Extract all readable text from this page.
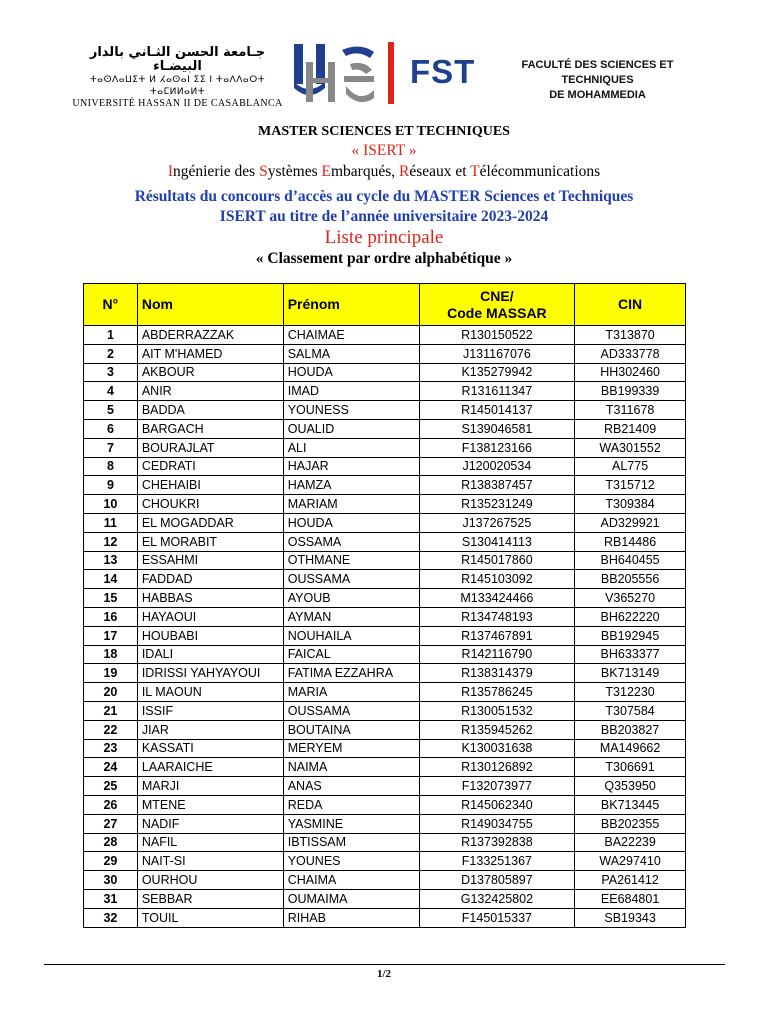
جـامعة الحسن الثـاني بالدار البيضـاء
ⵜⴰⵙⴷⴰⵡⵉⵜ ⵍ ⵃⴰⵙⴰⵏ ⵉⵉ ⵏ ⵜⴰⴷⴷⴰⵔⵜ ⵜⴰⵎⵍⵍⴰⵍⵜ
UNIVERSITÉ HASSAN II DE CASABLANCA
FST	FACULTÉ DES SCIENCES ET TECHNIQUES
DE MOHAMMEDIA
MASTER SCIENCES ET TECHNIQUES
« ISERT »
Ingénierie des Systèmes Embarqués, Réseaux et Télécommunications
Résultats du concours d’accès au cycle du MASTER Sciences et Techniques
ISERT au titre de l’année universitaire 2023-2024
Liste principale
« Classement par ordre alphabétique »
N°	Nom	Prénom	CNE/
Code MASSAR	CIN
1	ABDERRAZZAK	CHAIMAE	R130150522	T313870
2	AIT M'HAMED	SALMA	J131167076	AD333778
3	AKBOUR	HOUDA	K135279942	HH302460
4	ANIR	IMAD	R131611347	BB199339
5	BADDA	YOUNESS	R145014137	T311678
6	BARGACH	OUALID	S139046581	RB21409
7	BOURAJLAT	ALI	F138123166	WA301552
8	CEDRATI	HAJAR	J120020534	AL775
9	CHEHAIBI	HAMZA	R138387457	T315712
10	CHOUKRI	MARIAM	R135231249	T309384
11	EL MOGADDAR	HOUDA	J137267525	AD329921
12	EL MORABIT	OSSAMA	S130414113	RB14486
13	ESSAHMI	OTHMANE	R145017860	BH640455
14	FADDAD	OUSSAMA	R145103092	BB205556
15	HABBAS	AYOUB	M133424466	V365270
16	HAYAOUI	AYMAN	R134748193	BH622220
17	HOUBABI	NOUHAILA	R137467891	BB192945
18	IDALI	FAICAL	R142116790	BH633377
19	IDRISSI YAHYAYOUI	FATIMA EZZAHRA	R138314379	BK713149
20	IL MAOUN	MARIA	R135786245	T312230
21	ISSIF	OUSSAMA	R130051532	T307584
22	JIAR	BOUTAINA	R135945262	BB203827
23	KASSATI	MERYEM	K130031638	MA149662
24	LAARAICHE	NAIMA	R130126892	T306691
25	MARJI	ANAS	F132073977	Q353950
26	MTENE	REDA	R145062340	BK713445
27	NADIF	YASMINE	R149034755	BB202355
28	NAFIL	IBTISSAM	R137392838	BA22239
29	NAIT-SI	YOUNES	F133251367	WA297410
30	OURHOU	CHAIMA	D137805897	PA261412
31	SEBBAR	OUMAIMA	G132425802	EE684801
32	TOUIL	RIHAB	F145015337	SB19343
1/2
